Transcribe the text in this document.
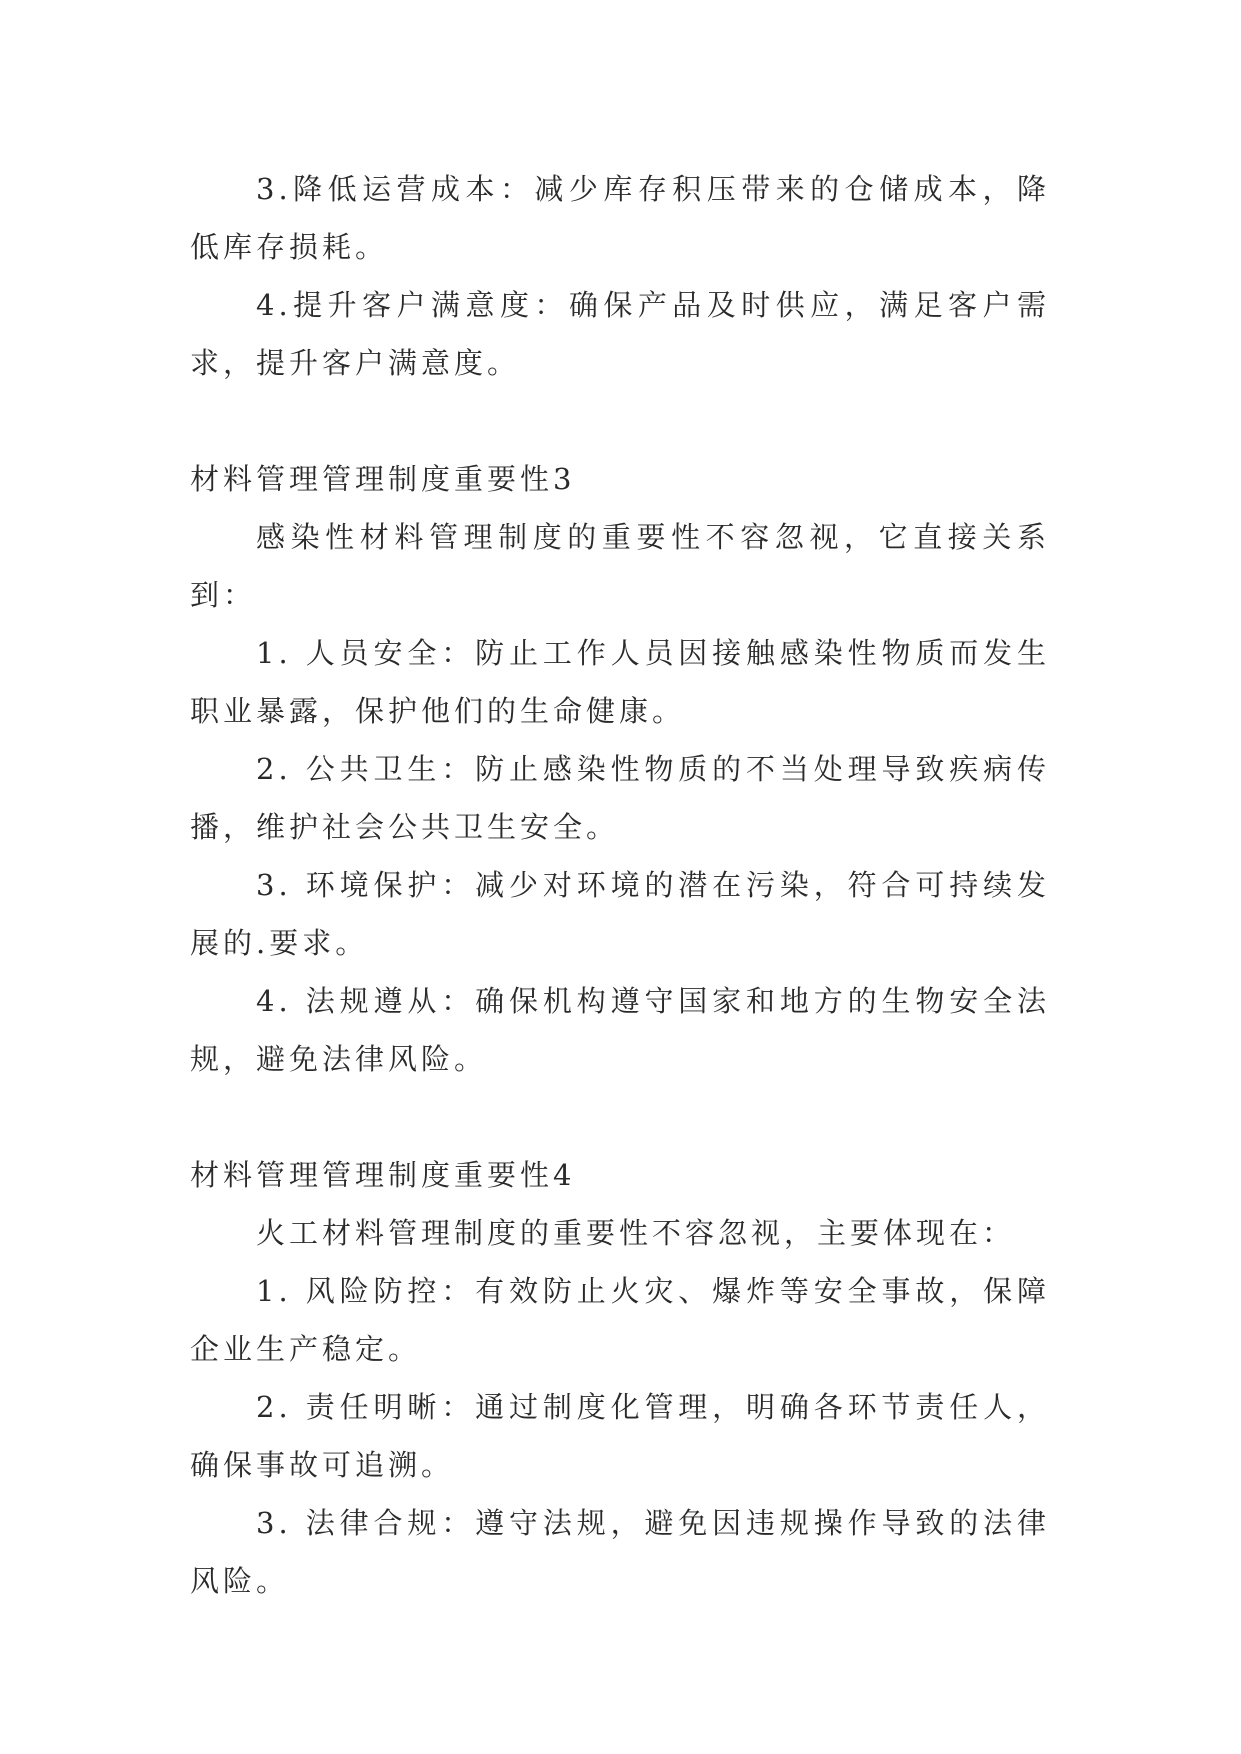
3.降低运营成本：减少库存积压带来的仓储成本，降低库存损耗。

4.提升客户满意度：确保产品及时供应，满足客户需求，提升客户满意度。

材料管理管理制度重要性3

感染性材料管理制度的重要性不容忽视，它直接关系到：

1. 人员安全：防止工作人员因接触感染性物质而发生职业暴露，保护他们的生命健康。

2. 公共卫生：防止感染性物质的不当处理导致疾病传播，维护社会公共卫生安全。

3. 环境保护：减少对环境的潜在污染，符合可持续发展的.要求。

4. 法规遵从：确保机构遵守国家和地方的生物安全法规，避免法律风险。

材料管理管理制度重要性4

火工材料管理制度的重要性不容忽视，主要体现在：

1. 风险防控：有效防止火灾、爆炸等安全事故，保障企业生产稳定。

2. 责任明晰：通过制度化管理，明确各环节责任人，确保事故可追溯。

3. 法律合规：遵守法规，避免因违规操作导致的法律风险。
